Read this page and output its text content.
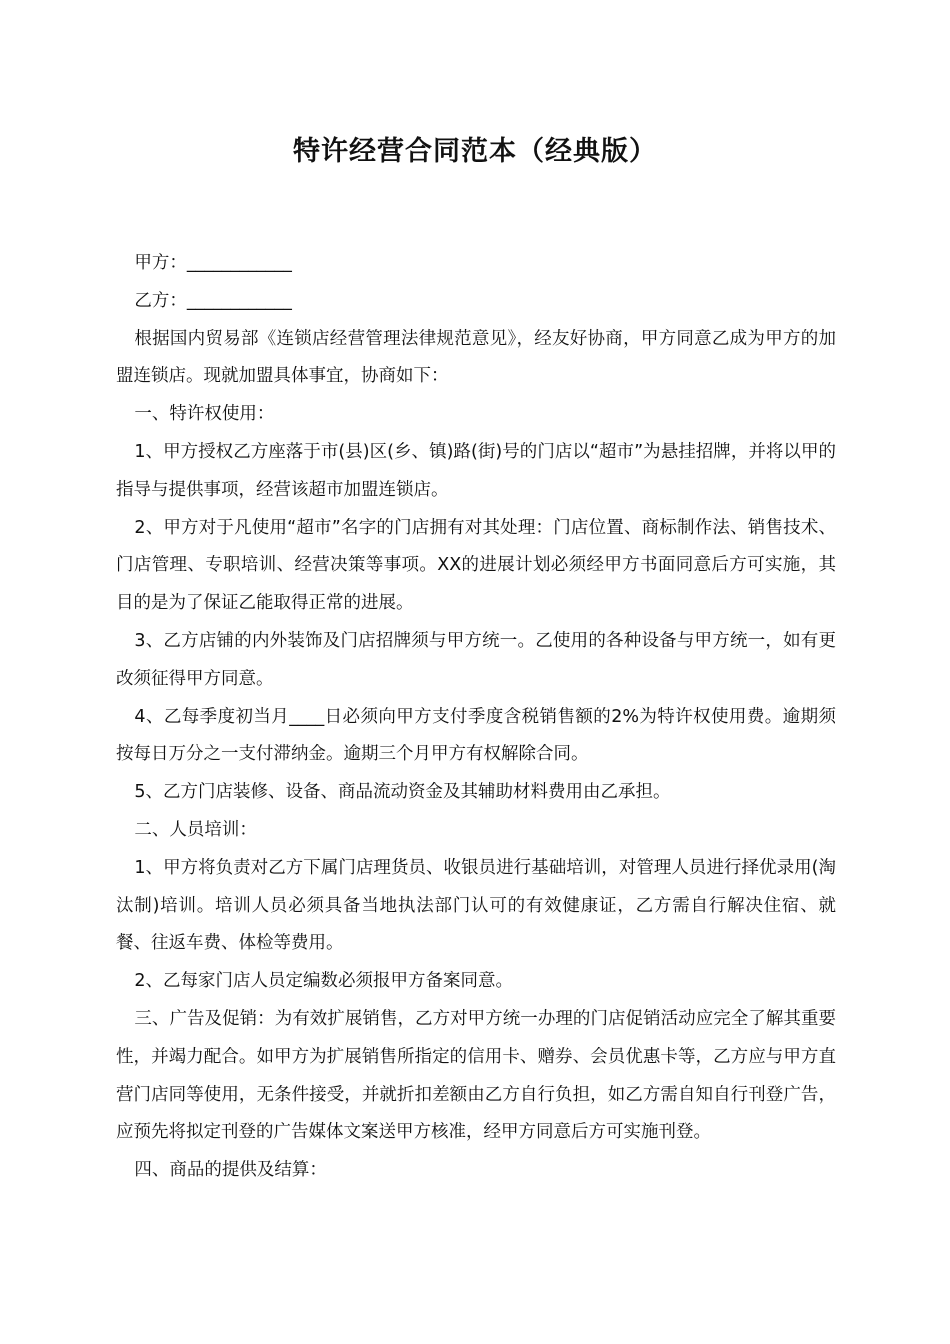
特许经营合同范本（经典版）

甲方：____________

乙方：____________

根据国内贸易部《连锁店经营管理法律规范意见》，经友好协商，甲方同意乙成为甲方的加盟连锁店。现就加盟具体事宜，协商如下：

一、特许权使用：

1、甲方授权乙方座落于市(县)区(乡、镇)路(街)号的门店以“超市”为悬挂招牌，并将以甲的指导与提供事项，经营该超市加盟连锁店。

2、甲方对于凡使用“超市”名字的门店拥有对其处理：门店位置、商标制作法、销售技术、门店管理、专职培训、经营决策等事项。XX的进展计划必须经甲方书面同意后方可实施，其目的是为了保证乙能取得正常的进展。

3、乙方店铺的内外装饰及门店招牌须与甲方统一。乙使用的各种设备与甲方统一，如有更改须征得甲方同意。

4、乙每季度初当月____日必须向甲方支付季度含税销售额的2%为特许权使用费。逾期须按每日万分之一支付滞纳金。逾期三个月甲方有权解除合同。

5、乙方门店装修、设备、商品流动资金及其辅助材料费用由乙承担。

二、人员培训：

1、甲方将负责对乙方下属门店理货员、收银员进行基础培训，对管理人员进行择优录用(淘汰制)培训。培训人员必须具备当地执法部门认可的有效健康证，乙方需自行解决住宿、就餐、往返车费、体检等费用。

2、乙每家门店人员定编数必须报甲方备案同意。

三、广告及促销：为有效扩展销售，乙方对甲方统一办理的门店促销活动应完全了解其重要性，并竭力配合。如甲方为扩展销售所指定的信用卡、赠券、会员优惠卡等，乙方应与甲方直营门店同等使用，无条件接受，并就折扣差额由乙方自行负担，如乙方需自知自行刊登广告，应预先将拟定刊登的广告媒体文案送甲方核准，经甲方同意后方可实施刊登。

四、商品的提供及结算：
